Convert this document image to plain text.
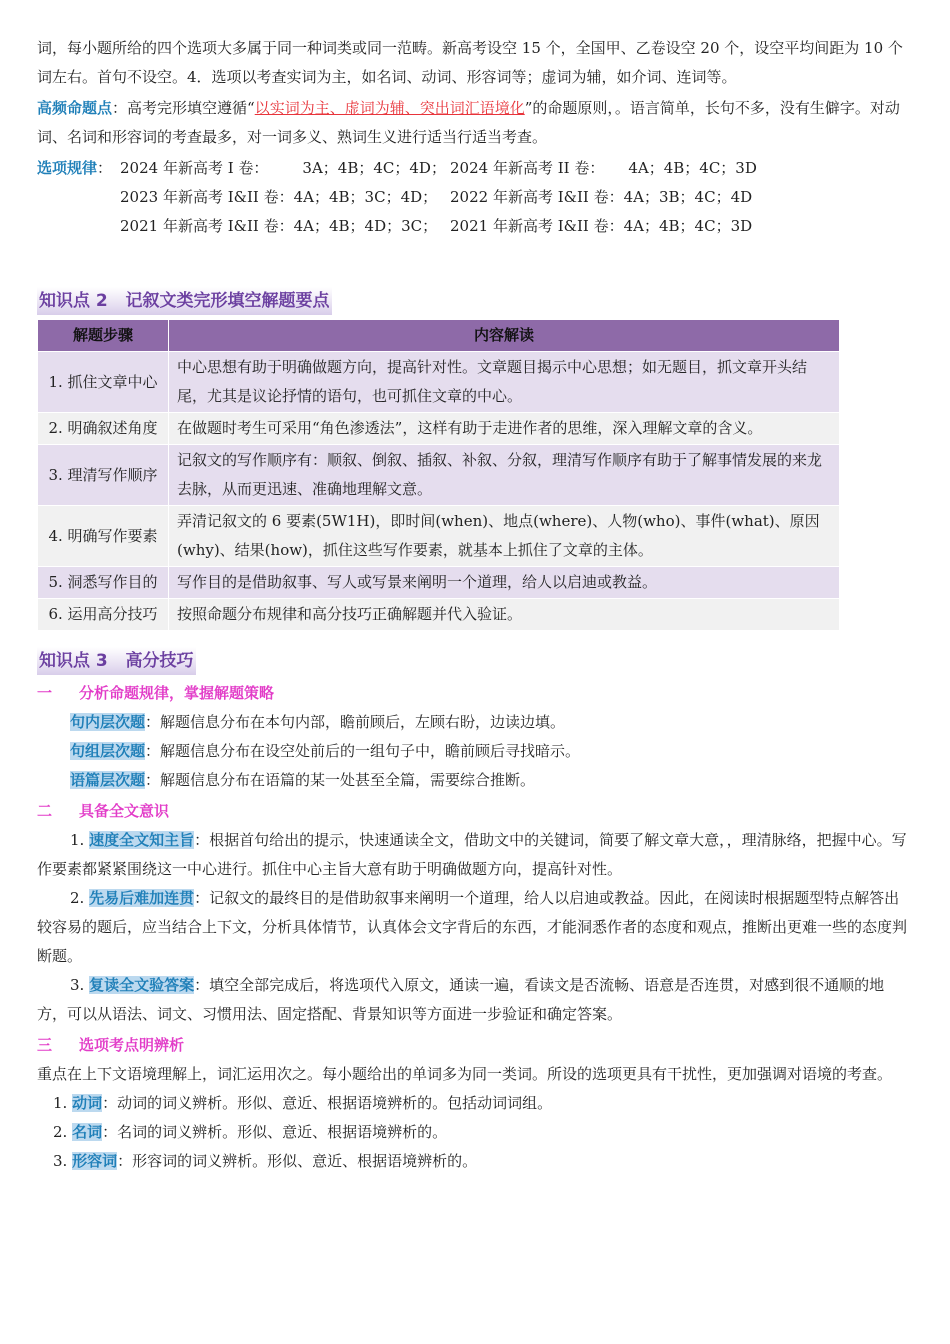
词，每小题所给的四个选项大多属于同一种词类或同一范畴。新高考设空 15 个，全国甲、乙卷设空 20 个，设空平均间距为 10 个词左右。首句不设空。4．选项以考查实词为主，如名词、动词、形容词等；虚词为辅，如介词、连词等。

高频命题点：高考完形填空遵循“以实词为主、虚词为辅、突出词汇语境化”的命题原则，。语言简单，长句不多，没有生僻字。对动词、名词和形容词的考查最多，对一词多义、熟词生义进行适当行适当考查。

选项规律： 2024 年新高考 I 卷： 3A；4B；4C；4D； 2024 年新高考 II 卷： 4A；4B；4C；3D
2023 年新高考 I&II 卷： 4A；4B；3C；4D； 2022 年新高考 I&II 卷： 4A；3B；4C；4D
2021 年新高考 I&II 卷： 4A；4B；4D；3C； 2021 年新高考 I&II 卷： 4A；4B；4C；3D
知识点 2   记叙文类完形填空解题要点
解题步骤	内容解读
1. 抓住文章中心	中心思想有助于明确做题方向，提高针对性。文章题目揭示中心思想；如无题目，抓文章开头结尾，尤其是议论抒情的语句，也可抓住文章的中心。
2. 明确叙述角度	在做题时考生可采用“角色渗透法”，这样有助于走进作者的思维，深入理解文章的含义。
3. 理清写作顺序	记叙文的写作顺序有：顺叙、倒叙、插叙、补叙、分叙，理清写作顺序有助于了解事情发展的来龙去脉，从而更迅速、准确地理解文意。
4. 明确写作要素	弄清记叙文的 6 要素(5W1H)，即时间(when)、地点(where)、人物(who)、事件(what)、原因(why)、结果(how)，抓住这些写作要素，就基本上抓住了文章的主体。
5. 洞悉写作目的	写作目的是借助叙事、写人或写景来阐明一个道理，给人以启迪或教益。
6. 运用高分技巧	按照命题分布规律和高分技巧正确解题并代入验证。
知识点 3   高分技巧

一 分析命题规律，掌握解题策略

句内层次题：解题信息分布在本句内部，瞻前顾后，左顾右盼，边读边填。

句组层次题：解题信息分布在设空处前后的一组句子中，瞻前顾后寻找暗示。

语篇层次题：解题信息分布在语篇的某一处甚至全篇，需要综合推断。

二 具备全文意识

1. 速度全文知主旨：根据首句给出的提示，快速通读全文，借助文中的关键词，简要了解文章大意，，理清脉络，把握中心。写作要素都紧紧围绕这一中心进行。抓住中心主旨大意有助于明确做题方向，提高针对性。

2. 先易后难加连贯：记叙文的最终目的是借助叙事来阐明一个道理，给人以启迪或教益。因此，在阅读时根据题型特点解答出较容易的题后，应当结合上下文，分析具体情节，认真体会文字背后的东西，才能洞悉作者的态度和观点，推断出更难一些的态度判断题。

3. 复读全文验答案：填空全部完成后，将选项代入原文，通读一遍，看读文是否流畅、语意是否连贯，对感到很不通顺的地方，可以从语法、词文、习惯用法、固定搭配、背景知识等方面进一步验证和确定答案。

三 选项考点明辨析

重点在上下文语境理解上，词汇运用次之。每小题给出的单词多为同一类词。所设的选项更具有干扰性，更加强调对语境的考查。

1. 动词：动词的词义辨析。形似、意近、根据语境辨析的。包括动词词组。

2. 名词：名词的词义辨析。形似、意近、根据语境辨析的。

3. 形容词：形容词的词义辨析。形似、意近、根据语境辨析的。
